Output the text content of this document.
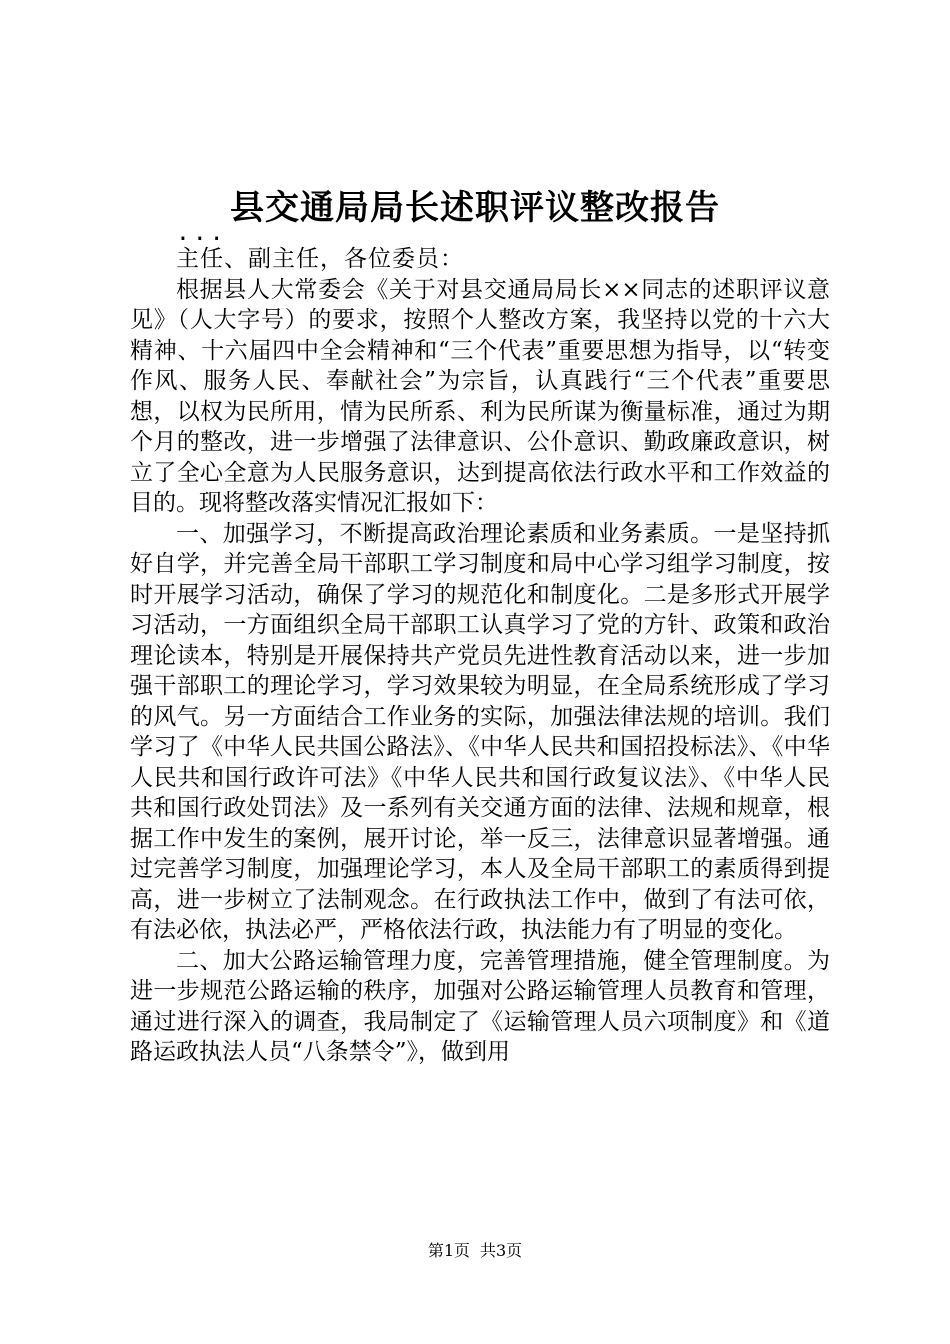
县交通局局长述职评议整改报告

...

主任、副主任，各位委员：

根据县人大常委会《关于对县交通局局长××同志的述职评议意见》（人大字号）的要求，按照个人整改方案，我坚持以党的十六大精神、十六届四中全会精神和“三个代表”重要思想为指导，以“转变作风、服务人民、奉献社会”为宗旨，认真践行“三个代表”重要思想，以权为民所用，情为民所系、利为民所谋为衡量标准，通过为期个月的整改，进一步增强了法律意识、公仆意识、勤政廉政意识，树立了全心全意为人民服务意识，达到提高依法行政水平和工作效益的目的。现将整改落实情况汇报如下：

一、加强学习，不断提高政治理论素质和业务素质。一是坚持抓好自学，并完善全局干部职工学习制度和局中心学习组学习制度，按时开展学习活动，确保了学习的规范化和制度化。二是多形式开展学习活动，一方面组织全局干部职工认真学习了党的方针、政策和政治理论读本，特别是开展保持共产党员先进性教育活动以来，进一步加强干部职工的理论学习，学习效果较为明显，在全局系统形成了学习的风气。另一方面结合工作业务的实际，加强法律法规的培训。我们学习了《中华人民共国公路法》、《中华人民共和国招投标法》、《中华人民共和国行政许可法》《中华人民共和国行政复议法》、《中华人民共和国行政处罚法》及一系列有关交通方面的法律、法规和规章，根据工作中发生的案例，展开讨论，举一反三，法律意识显著增强。通过完善学习制度，加强理论学习，本人及全局干部职工的素质得到提高，进一步树立了法制观念。在行政执法工作中，做到了有法可依，有法必依，执法必严，严格依法行政，执法能力有了明显的变化。

二、加大公路运输管理力度，完善管理措施，健全管理制度。为进一步规范公路运输的秩序，加强对公路运输管理人员教育和管理，通过进行深入的调查，我局制定了《运输管理人员六项制度》和《道路运政执法人员“八条禁令”》，做到用

第1页 共3页
